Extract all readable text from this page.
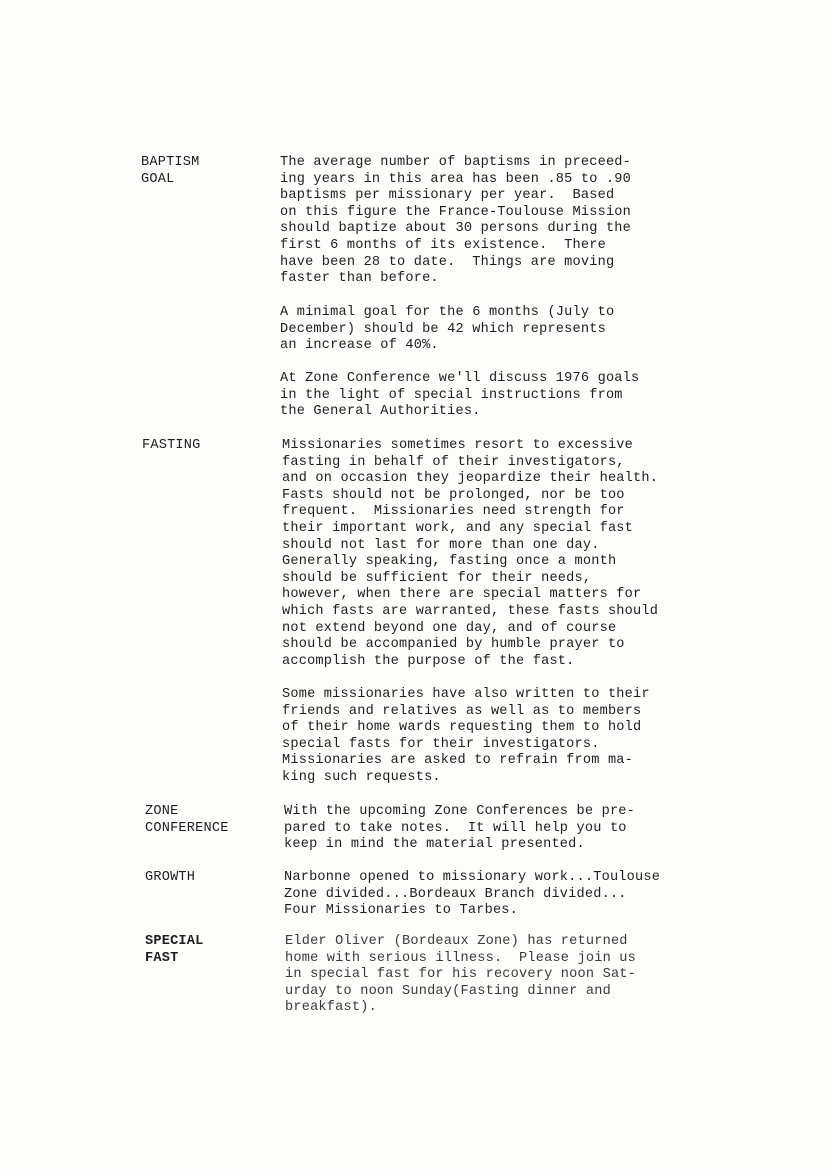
BAPTISM
GOAL
The average number of baptisms in preceed-
ing years in this area has been .85 to .90
baptisms per missionary per year.  Based
on this figure the France-Toulouse Mission
should baptize about 30 persons during the
first 6 months of its existence.  There
have been 28 to date.  Things are moving
faster than before.
A minimal goal for the 6 months (July to
December) should be 42 which represents
an increase of 40%.
At Zone Conference we'll discuss 1976 goals
in the light of special instructions from
the General Authorities.
FASTING	Missionaries sometimes resort to excessive
fasting in behalf of their investigators,
and on occasion they jeopardize their health.
Fasts should not be prolonged, nor be too
frequent.  Missionaries need strength for
their important work, and any special fast
should not last for more than one day.
Generally speaking, fasting once a month
should be sufficient for their needs,
however, when there are special matters for
which fasts are warranted, these fasts should
not extend beyond one day, and of course
should be accompanied by humble prayer to
accomplish the purpose of the fast.
Some missionaries have also written to their
friends and relatives as well as to members
of their home wards requesting them to hold
special fasts for their investigators.
Missionaries are asked to refrain from ma-
king such requests.
ZONE
CONFERENCE
With the upcoming Zone Conferences be pre-
pared to take notes.  It will help you to
keep in mind the material presented.
GROWTH	Narbonne opened to missionary work...Toulouse
Zone divided...Bordeaux Branch divided...
Four Missionaries to Tarbes.
SPECIAL
FAST
Elder Oliver (Bordeaux Zone) has returned
home with serious illness.  Please join us
in special fast for his recovery noon Sat-
urday to noon Sunday(Fasting dinner and
breakfast).
